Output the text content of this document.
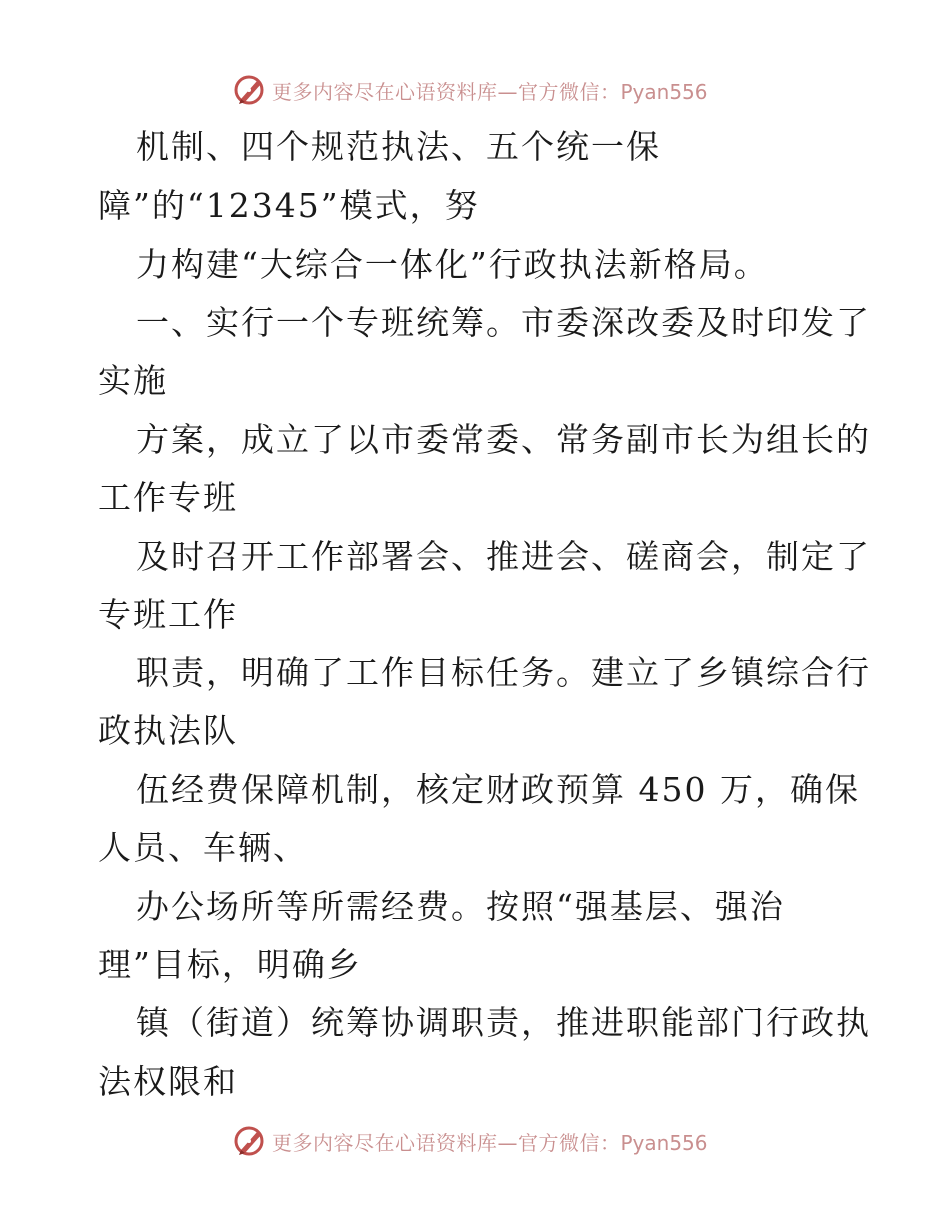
更多内容尽在心语资料库—官方微信：Pyan556
机制、四个规范执法、五个统一保
障”的“12345”模式，努
力构建“大综合一体化”行政执法新格局。
一、实行一个专班统筹。市委深改委及时印发了
实施
方案，成立了以市委常委、常务副市长为组长的
工作专班
及时召开工作部署会、推进会、磋商会，制定了
专班工作
职责，明确了工作目标任务。建立了乡镇综合行
政执法队
伍经费保障机制，核定财政预算 450 万，确保
人员、车辆、
办公场所等所需经费。按照“强基层、强治
理”目标，明确乡
镇（街道）统筹协调职责，推进职能部门行政执
法权限和
更多内容尽在心语资料库—官方微信：Pyan556
